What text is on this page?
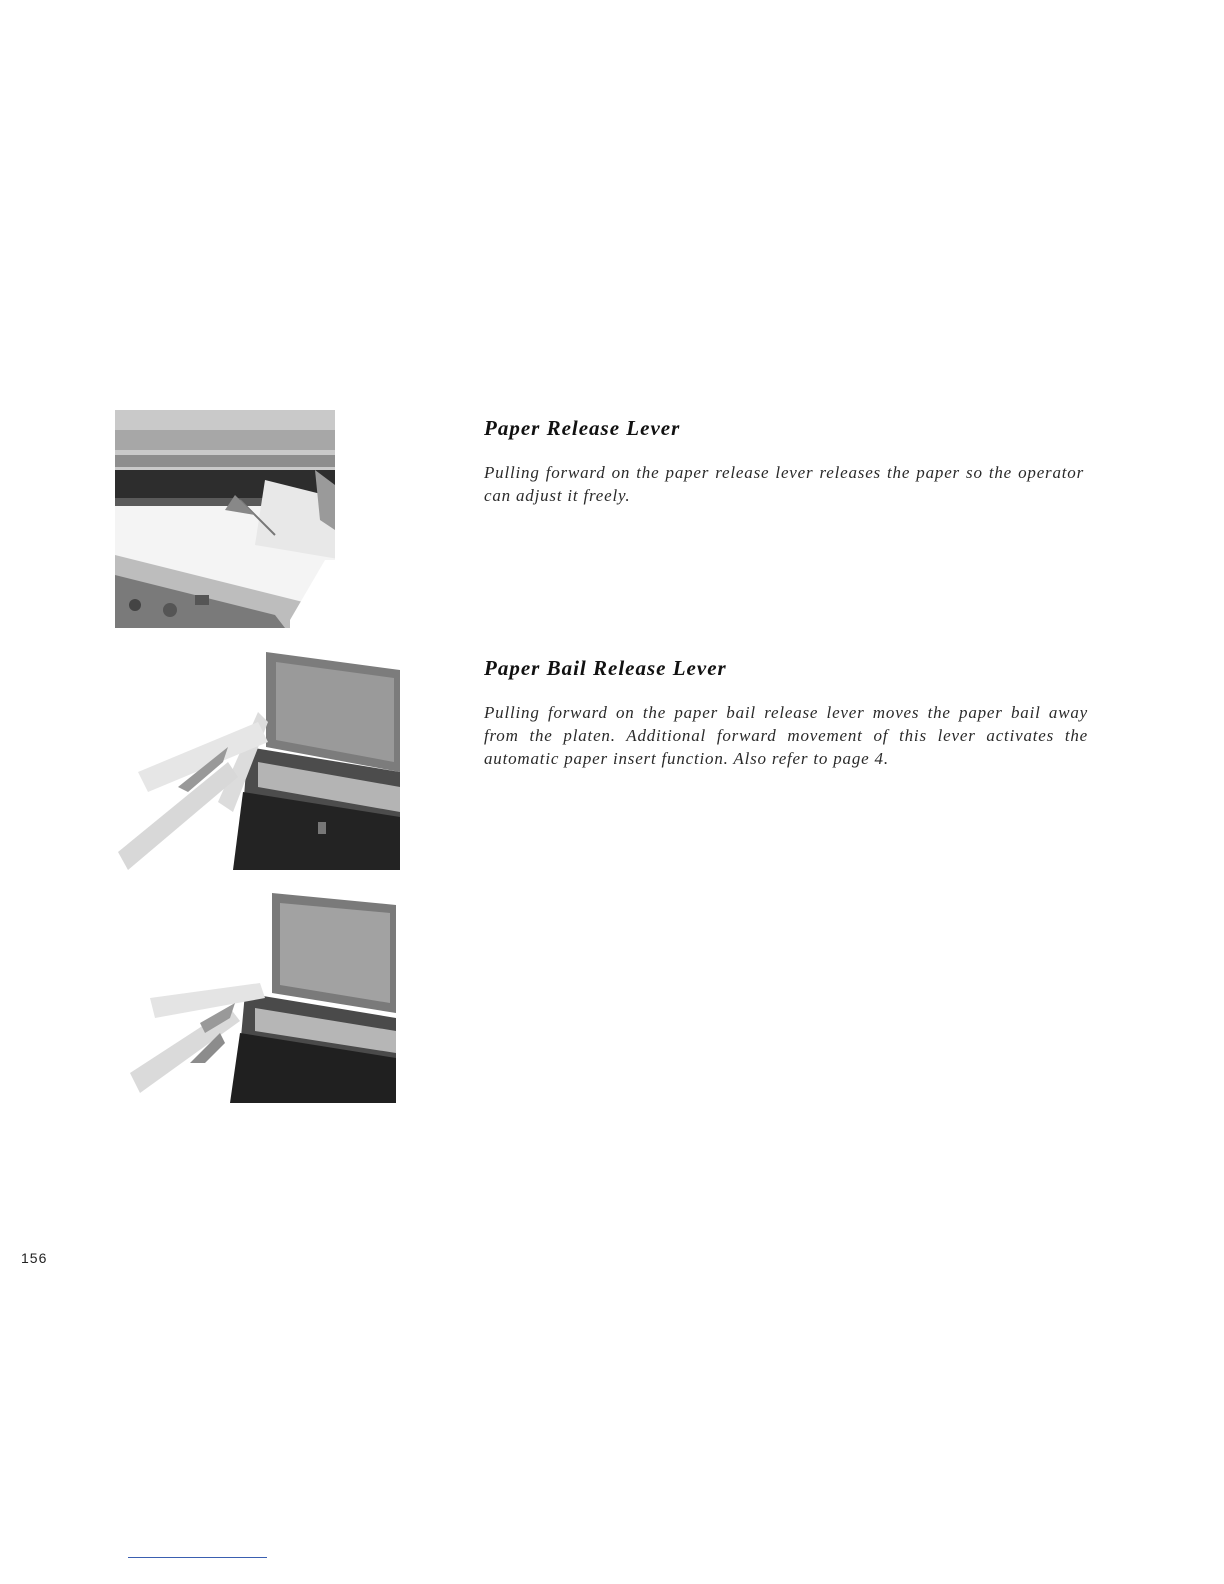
Paper Release Lever

Pulling forward on the paper release lever releases the paper so the operator can adjust it freely.

Paper Bail Release Lever

Pulling forward on the paper bail release lever moves the paper bail away from the platen. Additional forward movement of this lever activates the automatic paper insert function. Also refer to page 4.

156
